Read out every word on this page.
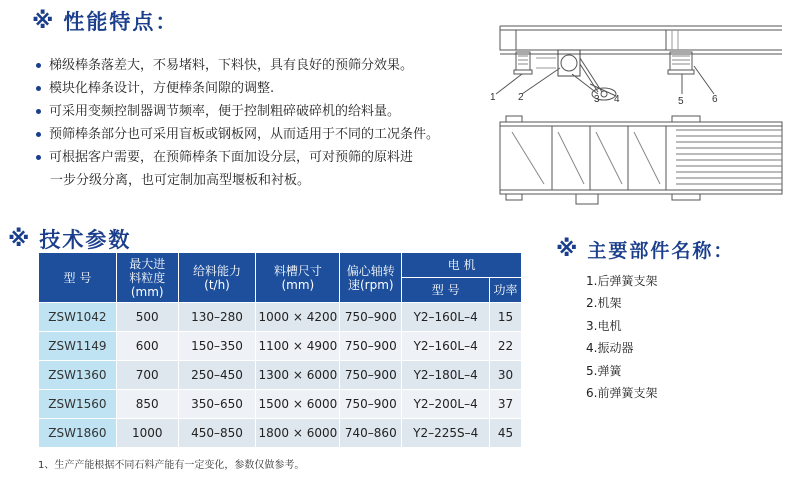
※ 性能特点：
梯级棒条落差大，不易堵料，下料快，具有良好的预筛分效果。
模块化棒条设计，方便棒条间隙的调整.
可采用变频控制器调节频率，便于控制粗碎破碎机的给料量。
预筛棒条部分也可采用盲板或钢板网，从而适用于不同的工况条件。
可根据客户需要，在预筛棒条下面加设分层，可对预筛的原料进
一步分级分离，也可定制加高型堰板和衬板。
1 2	3 4	5	6
※ 技术参数
型 号	最大进
料粒度
(mm)	给料能力
(t/h)	料槽尺寸
(mm)	偏心轴转
速(rpm)	电 机	
					型 号	功率
ZSW1042	500	130–280	1000 × 4200	750–900	Y2–160L–4	15
ZSW1149	600	150–350	1100 × 4900	750–900	Y2–160L–4	22
ZSW1360	700	250–450	1300 × 6000	750–900	Y2–180L–4	30
ZSW1560	850	350–650	1500 × 6000	750–900	Y2–200L–4	37
ZSW1860	1000	450–850	1800 × 6000	740–860	Y2–225S–4	45
1、生产产能根据不同石料产能有一定变化，参数仅做参考。
※ 主要部件名称：
1.后弹簧支架
2.机架
3.电机
4.振动器
5.弹簧
6.前弹簧支架
